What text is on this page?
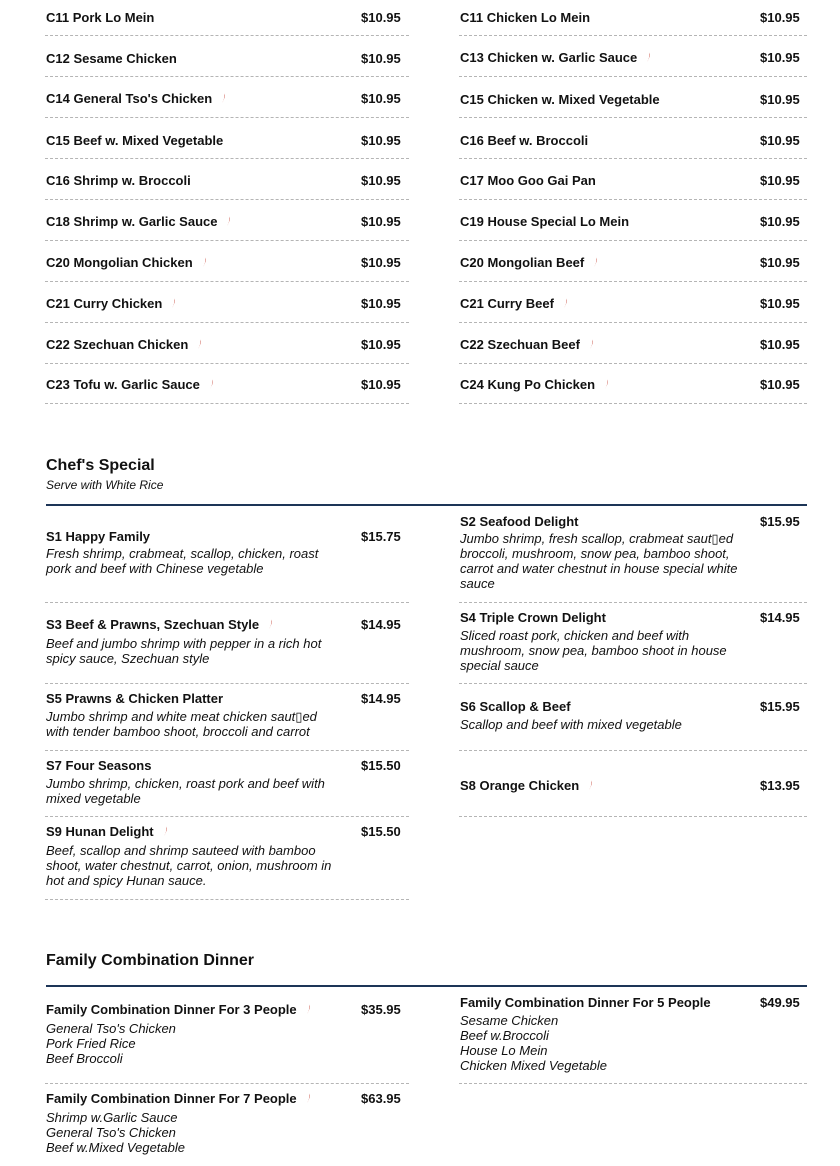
C11 Pork Lo Mein	$10.95
C12 Sesame Chicken	$10.95
C14 General Tso's Chicken	$10.95
C15 Beef w. Mixed Vegetable	$10.95
C16 Shrimp w. Broccoli	$10.95
C18 Shrimp w. Garlic Sauce	$10.95
C20 Mongolian Chicken	$10.95
C21 Curry Chicken	$10.95
C22 Szechuan Chicken	$10.95
C23 Tofu w. Garlic Sauce	$10.95
C11 Chicken Lo Mein	$10.95
C13 Chicken w. Garlic Sauce	$10.95
C15 Chicken w. Mixed Vegetable	$10.95
C16 Beef w. Broccoli	$10.95
C17 Moo Goo Gai Pan	$10.95
C19 House Special Lo Mein	$10.95
C20 Mongolian Beef	$10.95
C21 Curry Beef	$10.95
C22 Szechuan Beef	$10.95
C24 Kung Po Chicken	$10.95
Chef's Special
Serve with White Rice
S1 Happy Family	$15.75
Fresh shrimp, crabmeat, scallop, chicken, roast pork and beef with Chinese vegetable
S3 Beef & Prawns, Szechuan Style	$14.95
Beef and jumbo shrimp with pepper in a rich hot spicy sauce, Szechuan style
S5 Prawns & Chicken Platter	$14.95
Jumbo shrimp and white meat chicken saut▯ed with tender bamboo shoot, broccoli and carrot
S7 Four Seasons	$15.50
Jumbo shrimp, chicken, roast pork and beef with mixed vegetable
S9 Hunan Delight	$15.50
Beef, scallop and shrimp sauteed with bamboo shoot, water chestnut, carrot, onion, mushroom in hot and spicy Hunan sauce.
S2 Seafood Delight	$15.95
Jumbo shrimp, fresh scallop, crabmeat saut▯ed broccoli, mushroom, snow pea, bamboo shoot, carrot and water chestnut in house special white sauce
S4 Triple Crown Delight	$14.95
Sliced roast pork, chicken and beef with mushroom, snow pea, bamboo shoot in house special sauce
S6 Scallop & Beef	$15.95
Scallop and beef with mixed vegetable
S8 Orange Chicken	$13.95
Family Combination Dinner
Family Combination Dinner For 3 People	$35.95
General Tso's Chicken
Pork Fried Rice
Beef Broccoli
Family Combination Dinner For 7 People	$63.95
Shrimp w.Garlic Sauce
General Tso's Chicken
Beef w.Mixed Vegetable
Family Combination Dinner For 5 People	$49.95
Sesame Chicken
Beef w.Broccoli
House Lo Mein
Chicken Mixed Vegetable
